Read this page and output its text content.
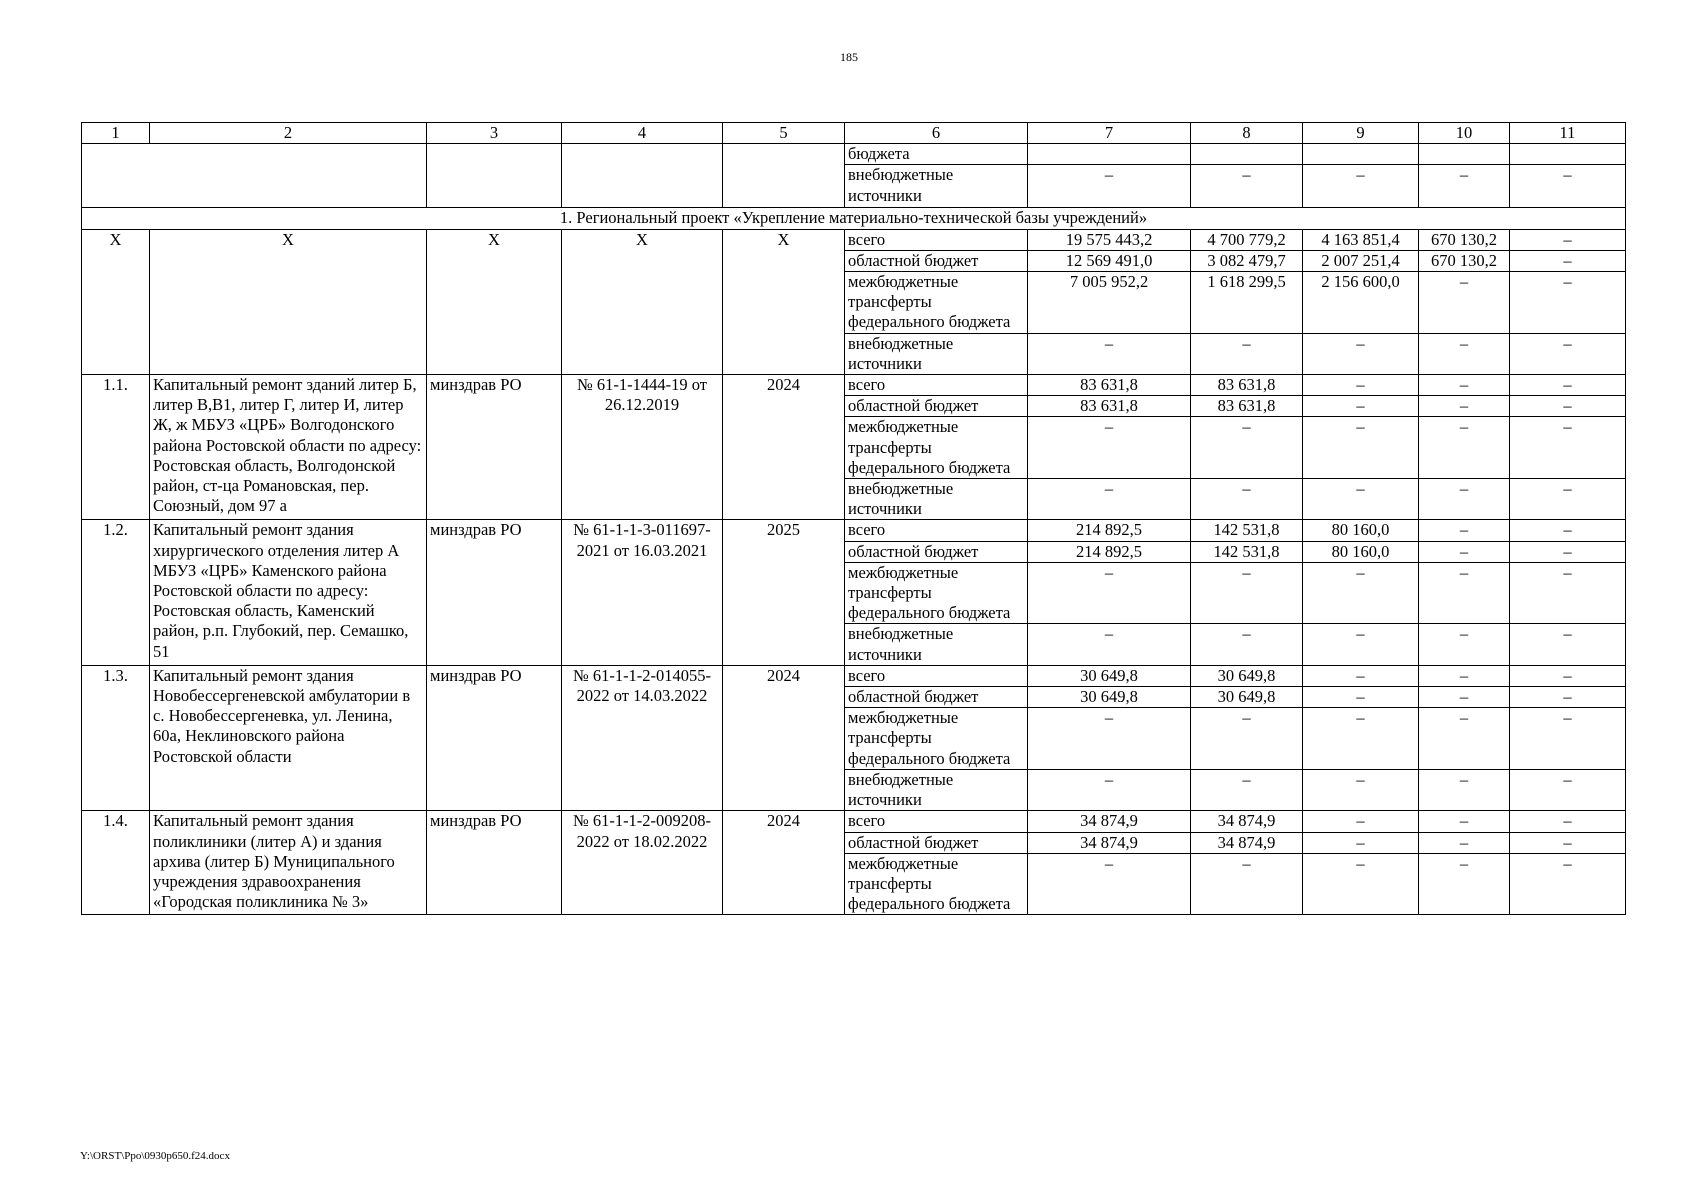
185
1	2	3	4	5	6	7	8	9	10	11
					бюджета					
					внебюджетные источники	–	–	–	–	–
1. Региональный проект «Укрепление материально-технической базы учреждений»										
Х	Х	Х	Х	Х	всего	19 575 443,2	4 700 779,2	4 163 851,4	670 130,2	–
					областной бюджет	12 569 491,0	3 082 479,7	2 007 251,4	670 130,2	–
					межбюджетные трансферты федерального бюджета	7 005 952,2	1 618 299,5	2 156 600,0	–	–
					внебюджетные источники	–	–	–	–	–
1.1.	Капитальный ремонт зданий литер Б, литер В,В1, литер Г, литер И, литер Ж, ж МБУЗ «ЦРБ» Волгодонского района Ростовской области по адресу: Ростовская область, Волгодонской район, ст-ца Романовская, пер. Союзный, дом 97 а	минздрав РО	№ 61-1-1444-19 от 26.12.2019	2024	всего	83 631,8	83 631,8	–	–	–
					областной бюджет	83 631,8	83 631,8	–	–	–
					межбюджетные трансферты федерального бюджета	–	–	–	–	–
					внебюджетные источники	–	–	–	–	–
1.2.	Капитальный ремонт здания хирургического отделения литер А МБУЗ «ЦРБ» Каменского района Ростовской области по адресу: Ростовская область, Каменский район, р.п. Глубокий, пер. Семашко, 51	минздрав РО	№ 61-1-1-3-011697-2021 от 16.03.2021	2025	всего	214 892,5	142 531,8	80 160,0	–	–
					областной бюджет	214 892,5	142 531,8	80 160,0	–	–
					межбюджетные трансферты федерального бюджета	–	–	–	–	–
					внебюджетные источники	–	–	–	–	–
1.3.	Капитальный ремонт здания Новобессергеневской амбулатории в с. Новобессергеневка, ул. Ленина, 60а, Неклиновского района Ростовской области	минздрав РО	№ 61-1-1-2-014055-2022 от 14.03.2022	2024	всего	30 649,8	30 649,8	–	–	–
					областной бюджет	30 649,8	30 649,8	–	–	–
					межбюджетные трансферты федерального бюджета	–	–	–	–	–
					внебюджетные источники	–	–	–	–	–
1.4.	Капитальный ремонт здания поликлиники (литер А) и здания архива (литер Б) Муниципального учреждения здравоохранения «Городская поликлиника № 3»	минздрав РО	№ 61-1-1-2-009208-2022 от 18.02.2022	2024	всего	34 874,9	34 874,9	–	–	–
					областной бюджет	34 874,9	34 874,9	–	–	–
					межбюджетные трансферты федерального бюджета	–	–	–	–	–
Y:\ORST\Ppo\0930p650.f24.docx
